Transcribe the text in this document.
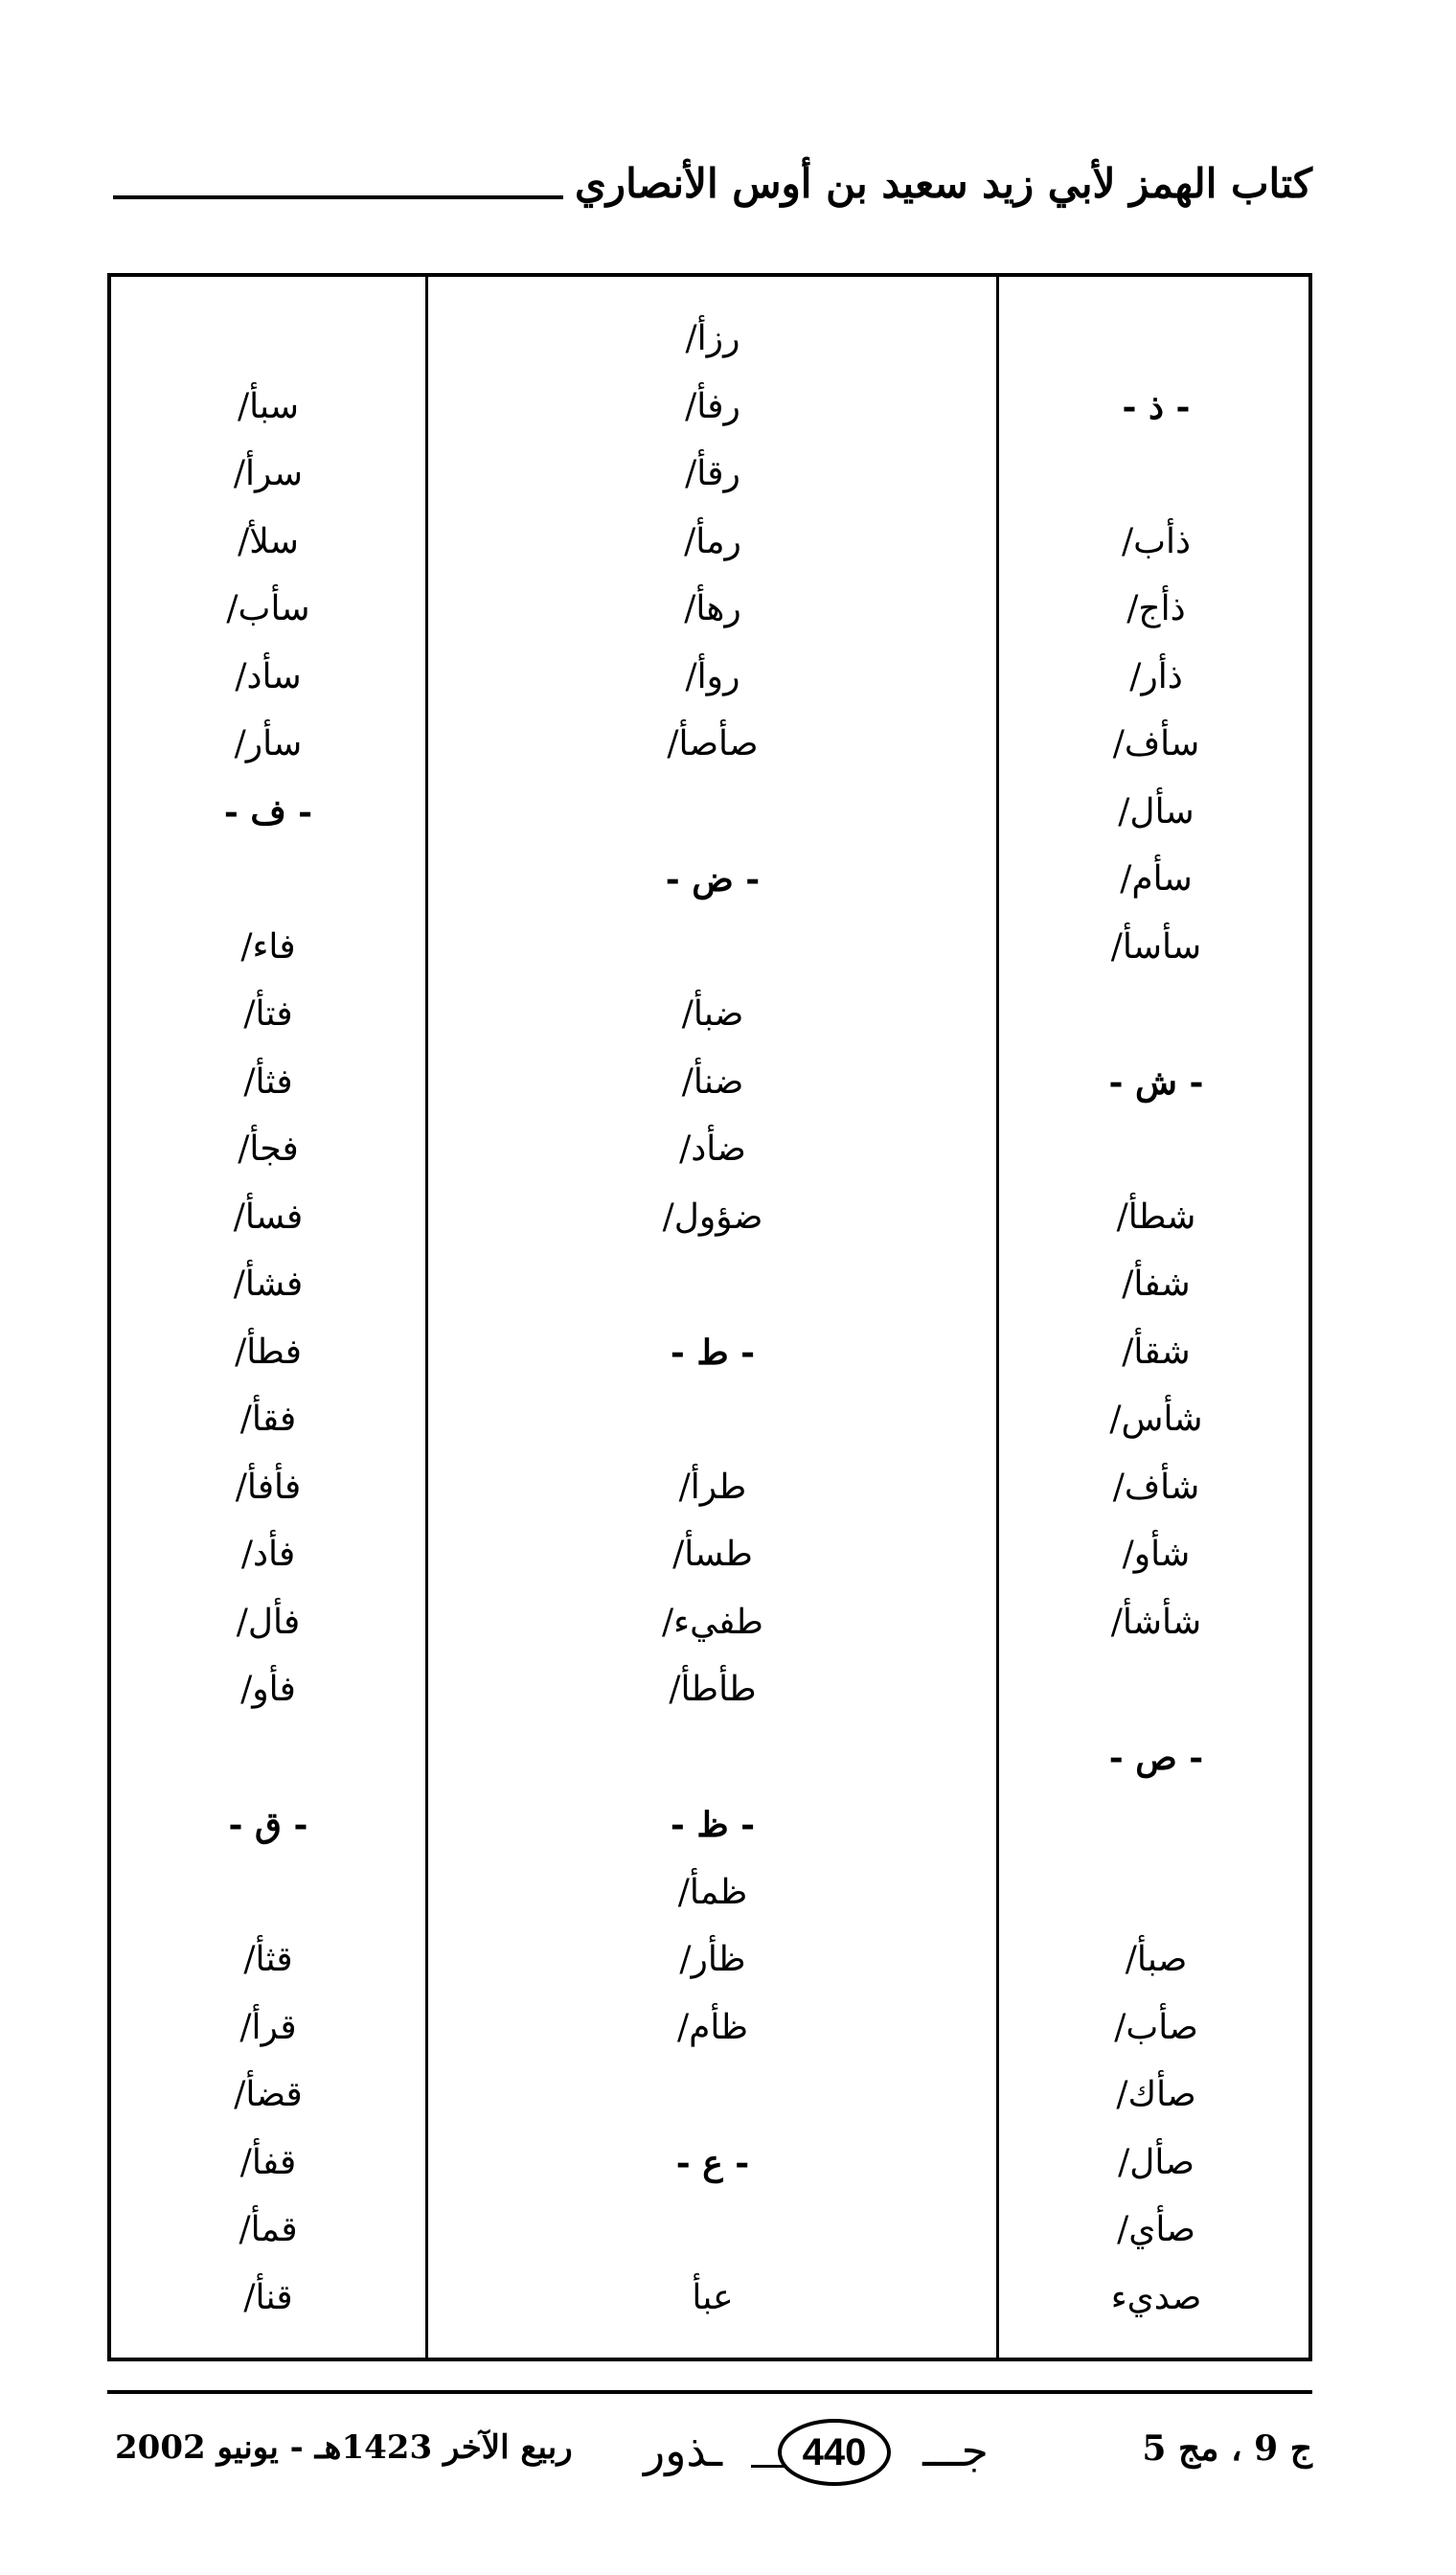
كتاب الهمز لأبي زيد سعيد بن أوس الأنصاري
- ذ -
ذأب/
ذأج/
ذأر/
سأف/
سأل/
سأم/
سأسأ/
- ش -
شطأ/
شفأ/
شقأ/
شأس/
شأف/
شأو/
شأشأ/
- ص -
صبأ/
صأب/
صأك/
صأل/
صأي/
صديء
رزأ/
رفأ/
رقأ/
رمأ/
رهأ/
روأ/
صأصأ/
- ض -
ضبأ/
ضنأ/
ضأد/
ضؤول/
- ط -
طرأ/
طسأ/
طفيء/
طأطأ/
- ظ -
ظمأ/
ظأر/
ظأم/
- ع -
عبأ
سبأ/
سرأ/
سلأ/
سأب/
سأد/
سأر/
- ف -
فاء/
فتأ/
فثأ/
فجأ/
فسأ/
فشأ/
فطأ/
فقأ/
فأفأ/
فأد/
فأل/
فأو/
- ق -
قثأ/
قرأ/
قضأ/
قفأ/
قمأ/
قنأ/
ج 9 ، مج 5
جـــ
440
ـذور
ربيع الآخر 1423هـ - يونيو 2002
